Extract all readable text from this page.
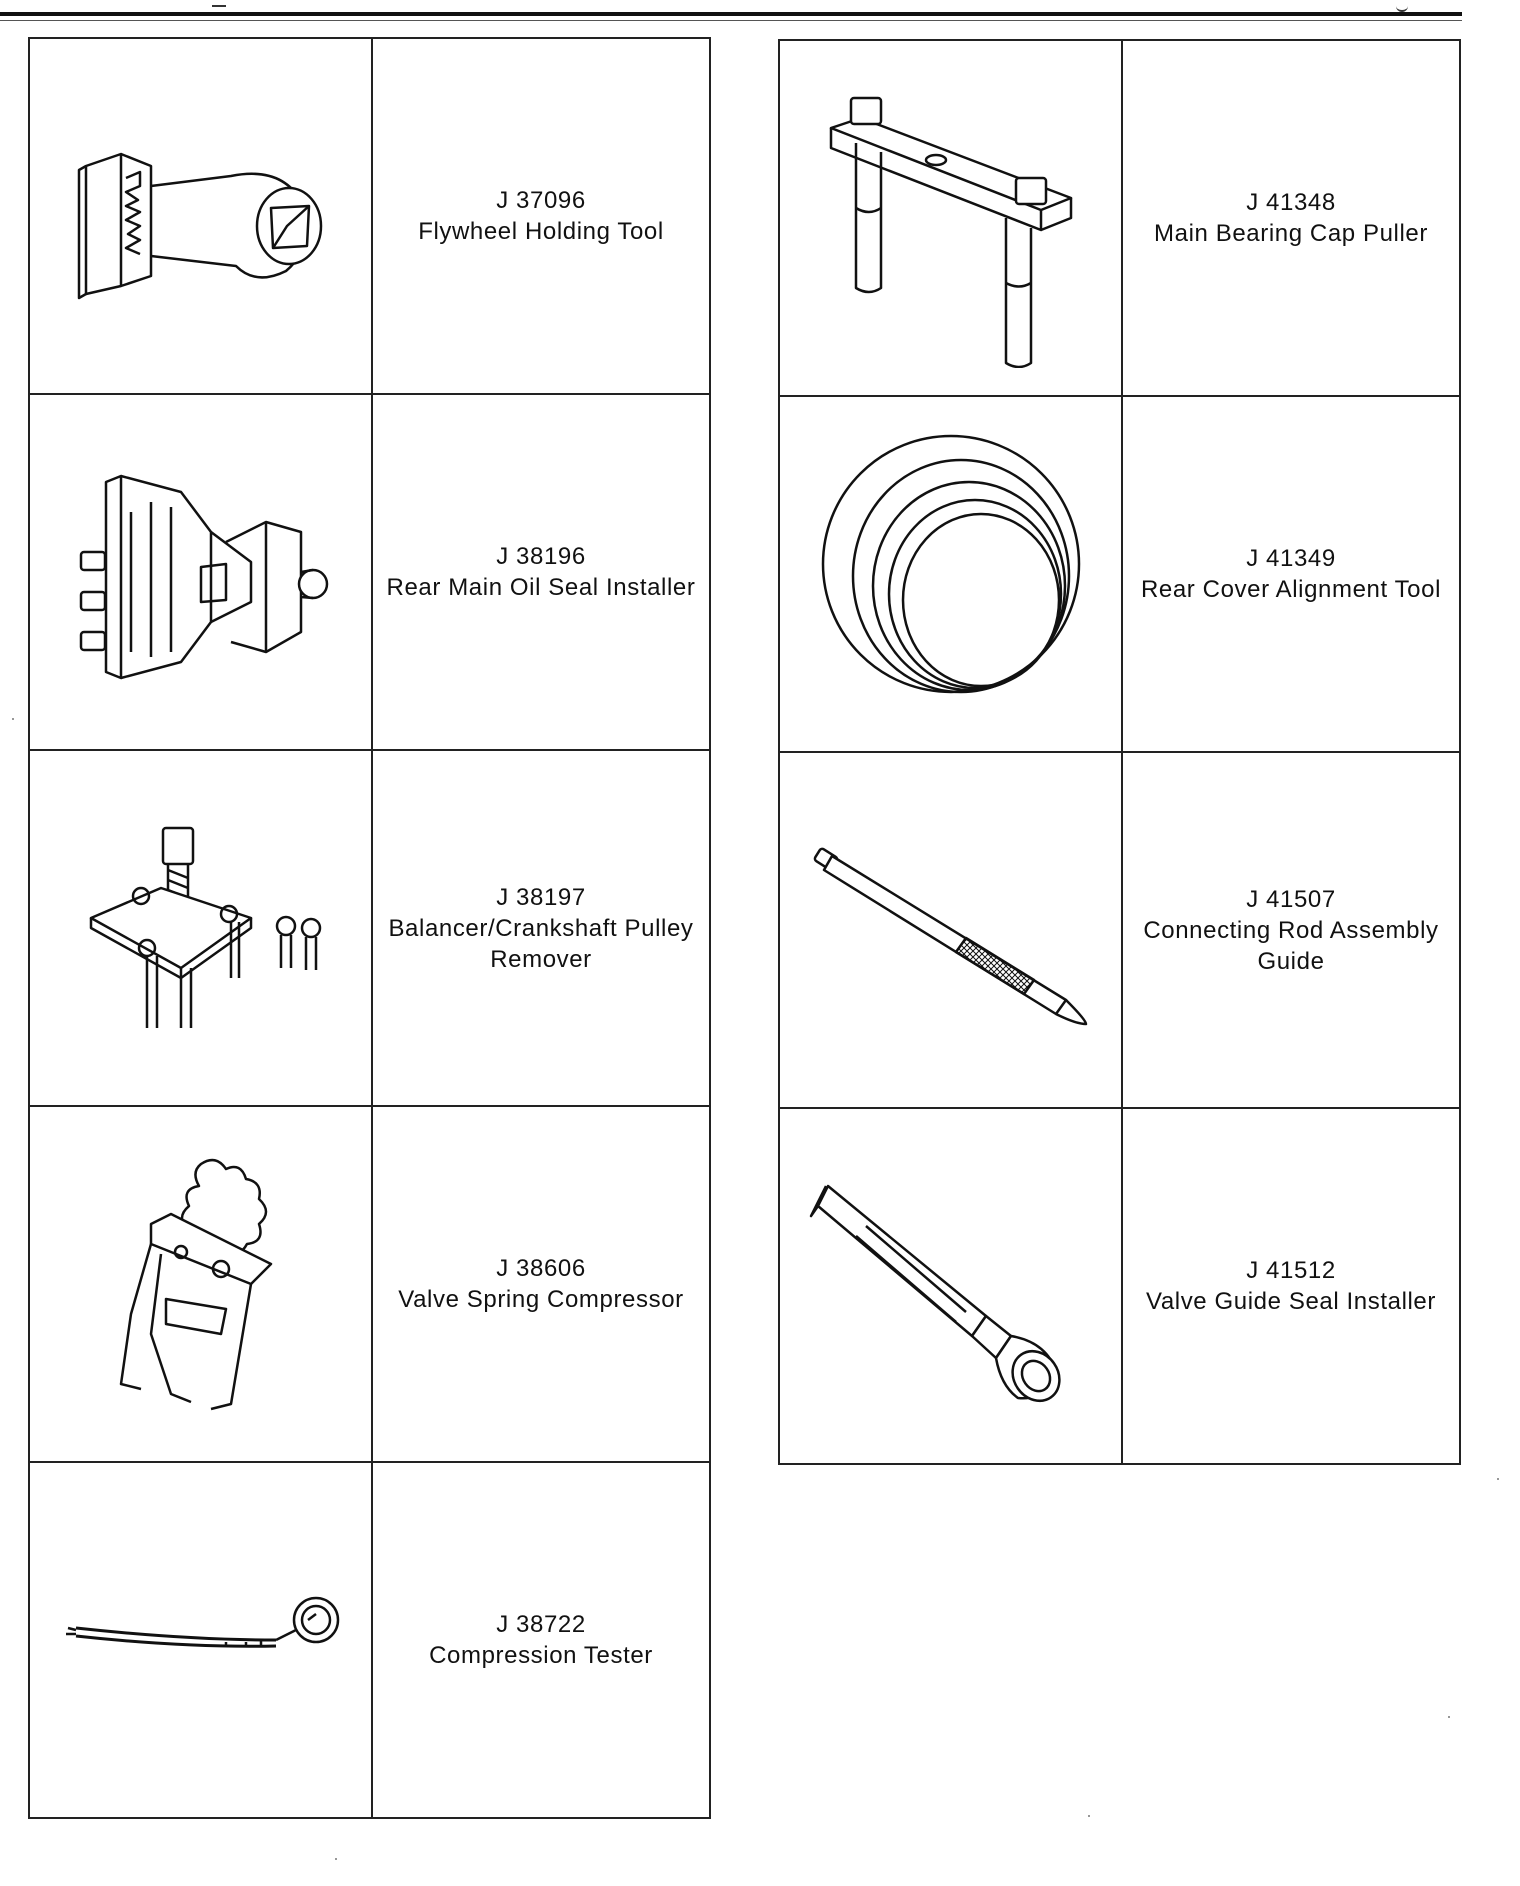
J 37096
Flywheel Holding Tool

J 38196
Rear Main Oil Seal Installer

J 38197
Balancer/Crankshaft Pulley Remover

J 38606
Valve Spring Compressor

J 38722
Compression Tester

J 41348
Main Bearing Cap Puller

J 41349
Rear Cover Alignment Tool

J 41507
Connecting Rod Assembly Guide

J 41512
Valve Guide Seal Installer
